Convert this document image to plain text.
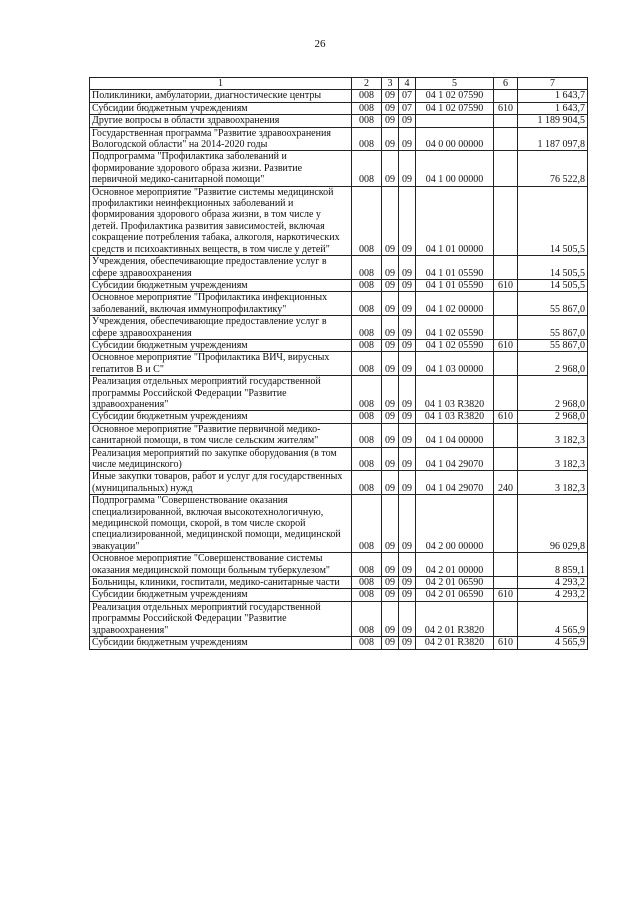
26
1	2	3	4	5	6	7
Поликлиники, амбулатории, диагностические центры	008	09	07	04 1 02 07590		1 643,7
Субсидии бюджетным учреждениям	008	09	07	04 1 02 07590	610	1 643,7
Другие вопросы в области здравоохранения	008	09	09			1 189 904,5
Государственная программа "Развитие здравоохранения Вологодской области" на 2014-2020 годы	008	09	09	04 0 00 00000		1 187 097,8
Подпрограмма "Профилактика заболеваний и формирование здорового образа жизни. Развитие первичной медико-санитарной помощи"	008	09	09	04 1 00 00000		76 522,8
Основное мероприятие "Развитие системы медицинской профилактики неинфекционных заболеваний и формирования здорового образа жизни, в том числе у детей. Профилактика развития зависимостей, включая сокращение потребления табака, алкоголя, наркотических средств и психоактивных веществ, в том числе у детей"	008	09	09	04 1 01 00000		14 505,5
Учреждения, обеспечивающие предоставление услуг в сфере здравоохранения	008	09	09	04 1 01 05590		14 505,5
Субсидии бюджетным учреждениям	008	09	09	04 1 01 05590	610	14 505,5
Основное мероприятие "Профилактика инфекционных заболеваний, включая иммунопрофилактику"	008	09	09	04 1 02 00000		55 867,0
Учреждения, обеспечивающие предоставление услуг в сфере здравоохранения	008	09	09	04 1 02 05590		55 867,0
Субсидии бюджетным учреждениям	008	09	09	04 1 02 05590	610	55 867,0
Основное мероприятие "Профилактика ВИЧ, вирусных гепатитов В и С"	008	09	09	04 1 03 00000		2 968,0
Реализация отдельных мероприятий государственной программы Российской Федерации "Развитие здравоохранения"	008	09	09	04 1 03 R3820		2 968,0
Субсидии бюджетным учреждениям	008	09	09	04 1 03 R3820	610	2 968,0
Основное мероприятие "Развитие первичной медико-санитарной помощи, в том числе сельским жителям"	008	09	09	04 1 04 00000		3 182,3
Реализация мероприятий по закупке оборудования (в том числе медицинского)	008	09	09	04 1 04 29070		3 182,3
Иные закупки товаров, работ и услуг для государственных (муниципальных) нужд	008	09	09	04 1 04 29070	240	3 182,3
Подпрограмма "Совершенствование оказания специализированной, включая высокотехнологичную, медицинской помощи, скорой, в том числе скорой специализированной, медицинской помощи, медицинской эвакуации"	008	09	09	04 2 00 00000		96 029,8
Основное мероприятие "Совершенствование системы оказания медицинской помощи больным туберкулезом"	008	09	09	04 2 01 00000		8 859,1
Больницы, клиники, госпитали, медико-санитарные части	008	09	09	04 2 01 06590		4 293,2
Субсидии бюджетным учреждениям	008	09	09	04 2 01 06590	610	4 293,2
Реализация отдельных мероприятий государственной программы Российской Федерации "Развитие здравоохранения"	008	09	09	04 2 01 R3820		4 565,9
Субсидии бюджетным учреждениям	008	09	09	04 2 01 R3820	610	4 565,9
